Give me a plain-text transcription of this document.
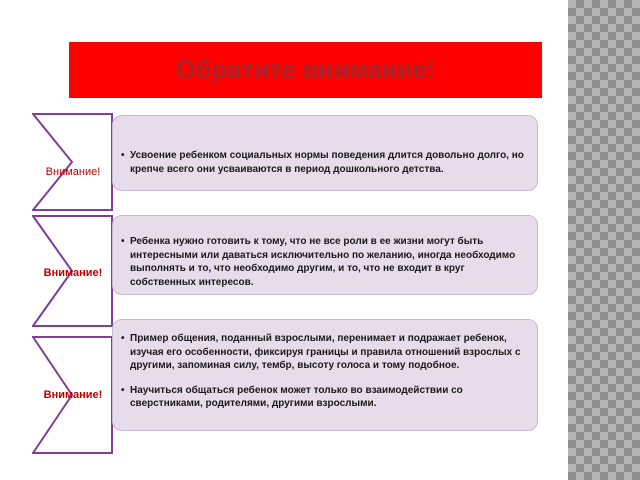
Обратите внимание!
Внимание!
• Усвоение ребенком социальных нормы поведения длится довольно долго, но крепче всего они усваиваются в период дошкольного детства.
Внимание!
• Ребенка нужно готовить к тому, что не все роли в ее жизни могут быть интересными или даваться исключительно по желанию, иногда необходимо выполнять и то, что необходимо другим, и то, что не входит в круг собственных интересов.
Внимание!
• Пример общения, поданный взрослыми, перенимает и подражает ребенок, изучая его особенности, фиксируя границы и правила отношений взрослых с другими, запоминая силу, тембр, высоту голоса и тому подобное.
• Научиться общаться ребенок может только во взаимодействии со сверстниками, родителями, другими взрослыми.
